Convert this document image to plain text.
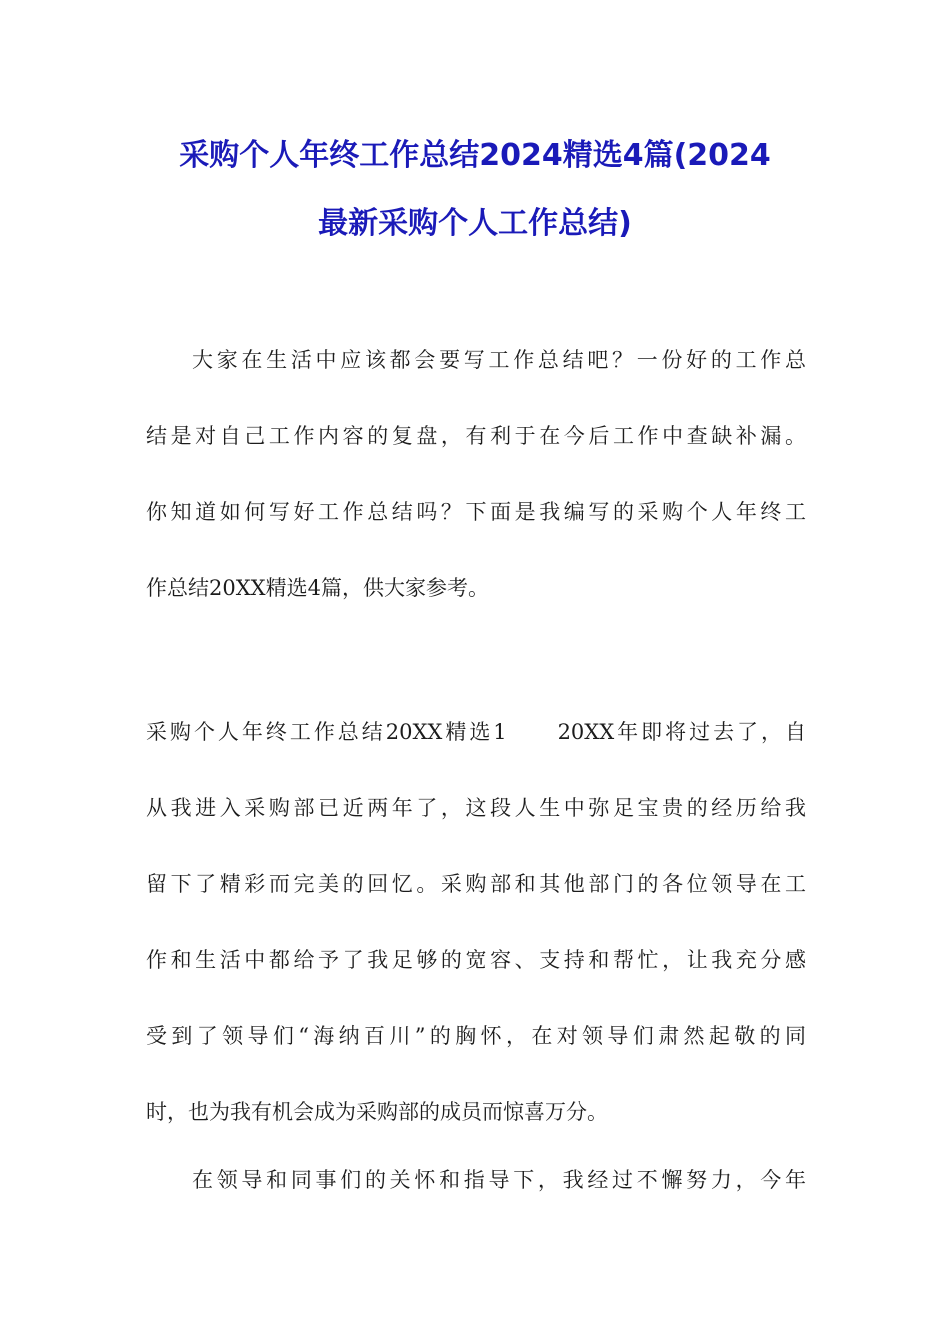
采购个人年终工作总结2024精选4篇(2024
最新采购个人工作总结)
大家在生活中应该都会要写工作总结吧？一份好的工作总
结是对自己工作内容的复盘，有利于在今后工作中查缺补漏。
你知道如何写好工作总结吗？下面是我编写的采购个人年终工
作总结20XX精选4篇，供大家参考。
采购个人年终工作总结20XX精选1　　20XX年即将过去了，自
从我进入采购部已近两年了，这段人生中弥足宝贵的经历给我
留下了精彩而完美的回忆。采购部和其他部门的各位领导在工
作和生活中都给予了我足够的宽容、支持和帮忙，让我充分感
受到了领导们“海纳百川”的胸怀，在对领导们肃然起敬的同
时，也为我有机会成为采购部的成员而惊喜万分。
在领导和同事们的关怀和指导下，我经过不懈努力，今年
